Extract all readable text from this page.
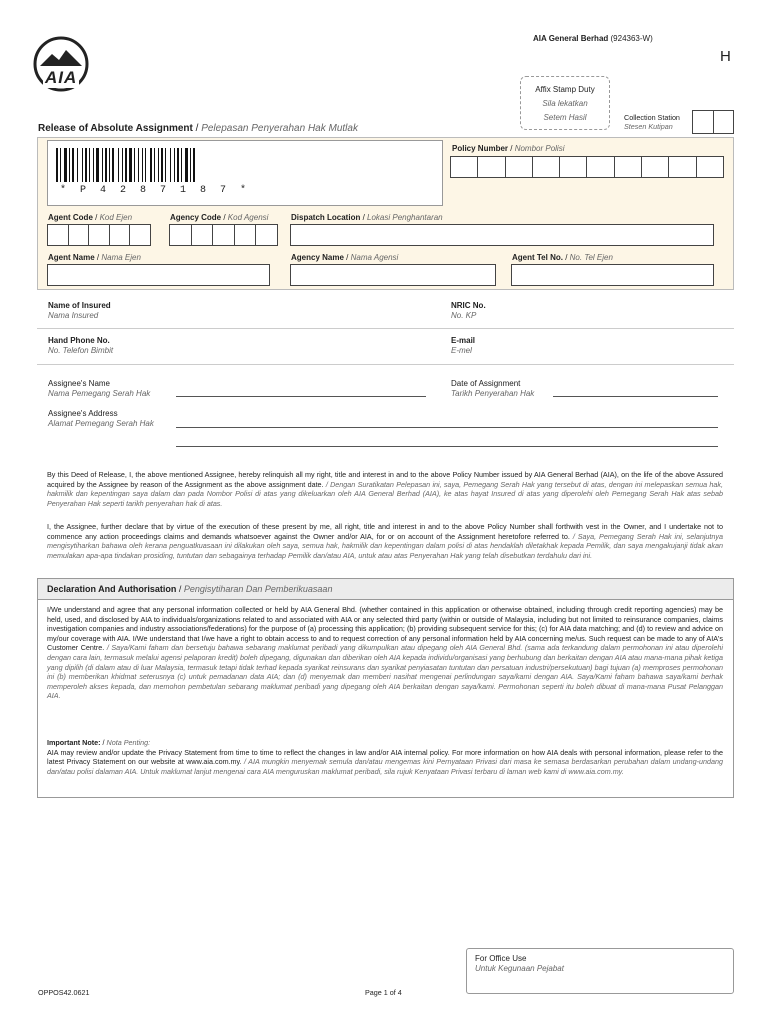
AIA
AIA General Berhad (924363-W)
H
Affix Stamp Duty
Sila lekatkan
Setem Hasil	Collection Station
Stesen Kutipan
Release of Absolute Assignment / Pelepasan Penyerahan Hak Mutlak
* P 4 2 8 7 1 8 7 *
Policy Number / Nombor Polisi
Agent Code / Kod Ejen	Agency Code / Kod Agensi	Dispatch Location / Lokasi Penghantaran
Agent Name / Nama Ejen	Agency Name / Nama Agensi	Agent Tel No. / No. Tel Ejen
Name of Insured
Nama Insured
NRIC No.
No. KP
Hand Phone No.
No. Telefon Bimbit
E-mail
E-mel
Assignee's Name
Nama Pemegang Serah Hak
Date of Assignment
Tarikh Penyerahan Hak
Assignee's Address
Alamat Pemegang Serah Hak

By this Deed of Release, I, the above mentioned Assignee, hereby relinquish all my right, title and interest in and to the above Policy Number issued by AIA General Berhad (AIA), on the life of the above Assured acquired by the Assignee by reason of the Assignment as the above assignment date. / Dengan Suratikatan Pelepasan ini, saya, Pemegang Serah Hak yang tersebut di atas, dengan ini melepaskan semua hak, hakmilik dan kepentingan saya dalam dan pada Nombor Polisi di atas yang dikeluarkan oleh AIA General Berhad (AIA), ke atas hayat Insured di atas yang diperolehi oleh Pemegang Serah Hak atas sebab Penyerahan Hak seperti tarikh penyerahan hak di atas.

I, the Assignee, further declare that by virtue of the execution of these present by me, all right, title and interest in and to the above Policy Number shall forthwith vest in the Owner, and I undertake not to commence any action proceedings claims and demands whatsoever against the Owner and/or AIA, for or on account of the Assignment heretofore referred to. / Saya, Pemegang Serah Hak ini, selanjutnya mengisytiharkan bahawa oleh kerana penguatkuasaan ini dilakukan oleh saya, semua hak, hakmilik dan kepentingan dalam polisi di atas hendaklah diletakhak kepada Pemilik, dan saya mengakujanji tidak akan memulakan apa-apa tindakan prosiding, tuntutan dan sebagainya terhadap Pemilik dan/atau AIA, untuk atau atas Penyerahan Hak yang telah disebutkan terdahulu dari ini.

Declaration And Authorisation / Pengisytiharan Dan Pemberikuasaan

I/We understand and agree that any personal information collected or held by AIA General Bhd. (whether contained in this application or otherwise obtained, including through credit reporting agencies) may be held, used, and disclosed by AIA to individuals/organizations related to and associated with AIA or any selected third party (within or outside of Malaysia, including but not limited to reinsurance companies, claims investigation companies and industry associations/federations) for the purpose of (a) processing this application; (b) providing subsequent service for this; (c) for AIA data matching; and (d) to review and advice on my/our coverage with AIA. I/We understand that I/we have a right to obtain access to and to request correction of any personal information held by AIA concerning me/us. Such request can be made to any of AIA's Customer Centre. / Saya/Kami faham dan bersetuju bahawa sebarang maklumat peribadi yang dikumpulkan atau dipegang oleh AIA General Bhd. (sama ada terkandung dalam permohonan ini atau diperolehi dengan cara lain, termasuk melalui agensi pelaporan kredit) boleh dipegang, digunakan dan diberikan oleh AIA kepada individu/organisasi yang berhubung dan berkaitan dengan AIA atau mana-mana pihak ketiga yang dipilih (di dalam atau di luar Malaysia, termasuk tetapi tidak terhad kepada syarikat reinsurans dan syarikat penyiasatan tuntutan dan persatuan industri/persekutuan) bagi tujuan (a) memproses permohonan ini (b) memberikan khidmat seterusnya (c) untuk pemadanan data AIA; dan (d) menyemak dan memberi nasihat mengenai perlindungan saya/kami dengan AIA. Saya/Kami faham bahawa saya/kami berhak memperoleh akses kepada, dan memohon pembetulan sebarang maklumat peribadi yang dipegang oleh AIA berkaitan dengan saya/kami. Permohonan seperti itu boleh dibuat di mana-mana Pusat Pelanggan AIA.

Important Note: / Nota Penting:
AIA may review and/or update the Privacy Statement from time to time to reflect the changes in law and/or AIA internal policy. For more information on how AIA deals with personal information, please refer to the latest Privacy Statement on our website at www.aia.com.my. / AIA mungkin menyemak semula dan/atau mengemas kini Pernyataan Privasi dari masa ke semasa berdasarkan perubahan dalam undang-undang dan/atau polisi dalaman AIA. Untuk maklumat lanjut mengenai cara AIA menguruskan maklumat peribadi, sila rujuk Kenyataan Privasi terbaru di laman web kami di www.aia.com.my.

For Office Use
Untuk Kegunaan Pejabat
OPPOS42.0621	Page 1 of 4
